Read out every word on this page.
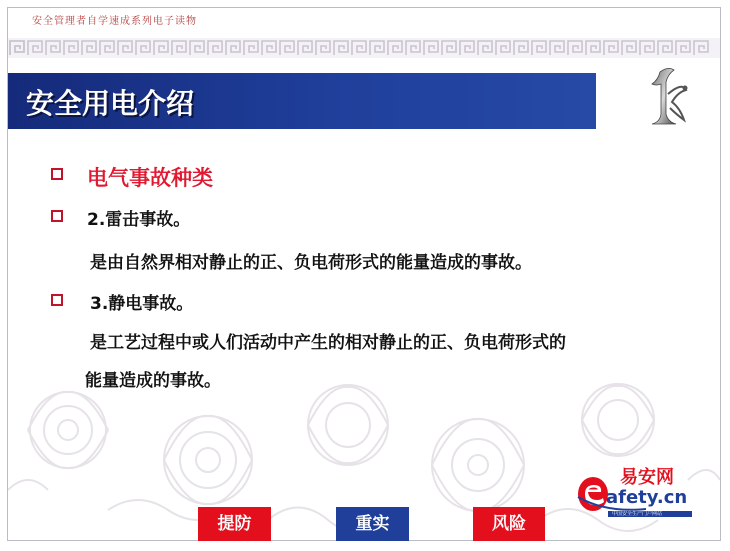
安全管理者自学速成系列电子读物
安全用电介绍
电气事故种类
2.雷击事故。
是由自然界相对静止的正、负电荷形式的能量造成的事故。
3.静电事故。
是工艺过程中或人们活动中产生的相对静止的正、负电荷形式的
能量造成的事故。
易安网
afety.cn
中国安全生产门户网站
提防	重实	风险
